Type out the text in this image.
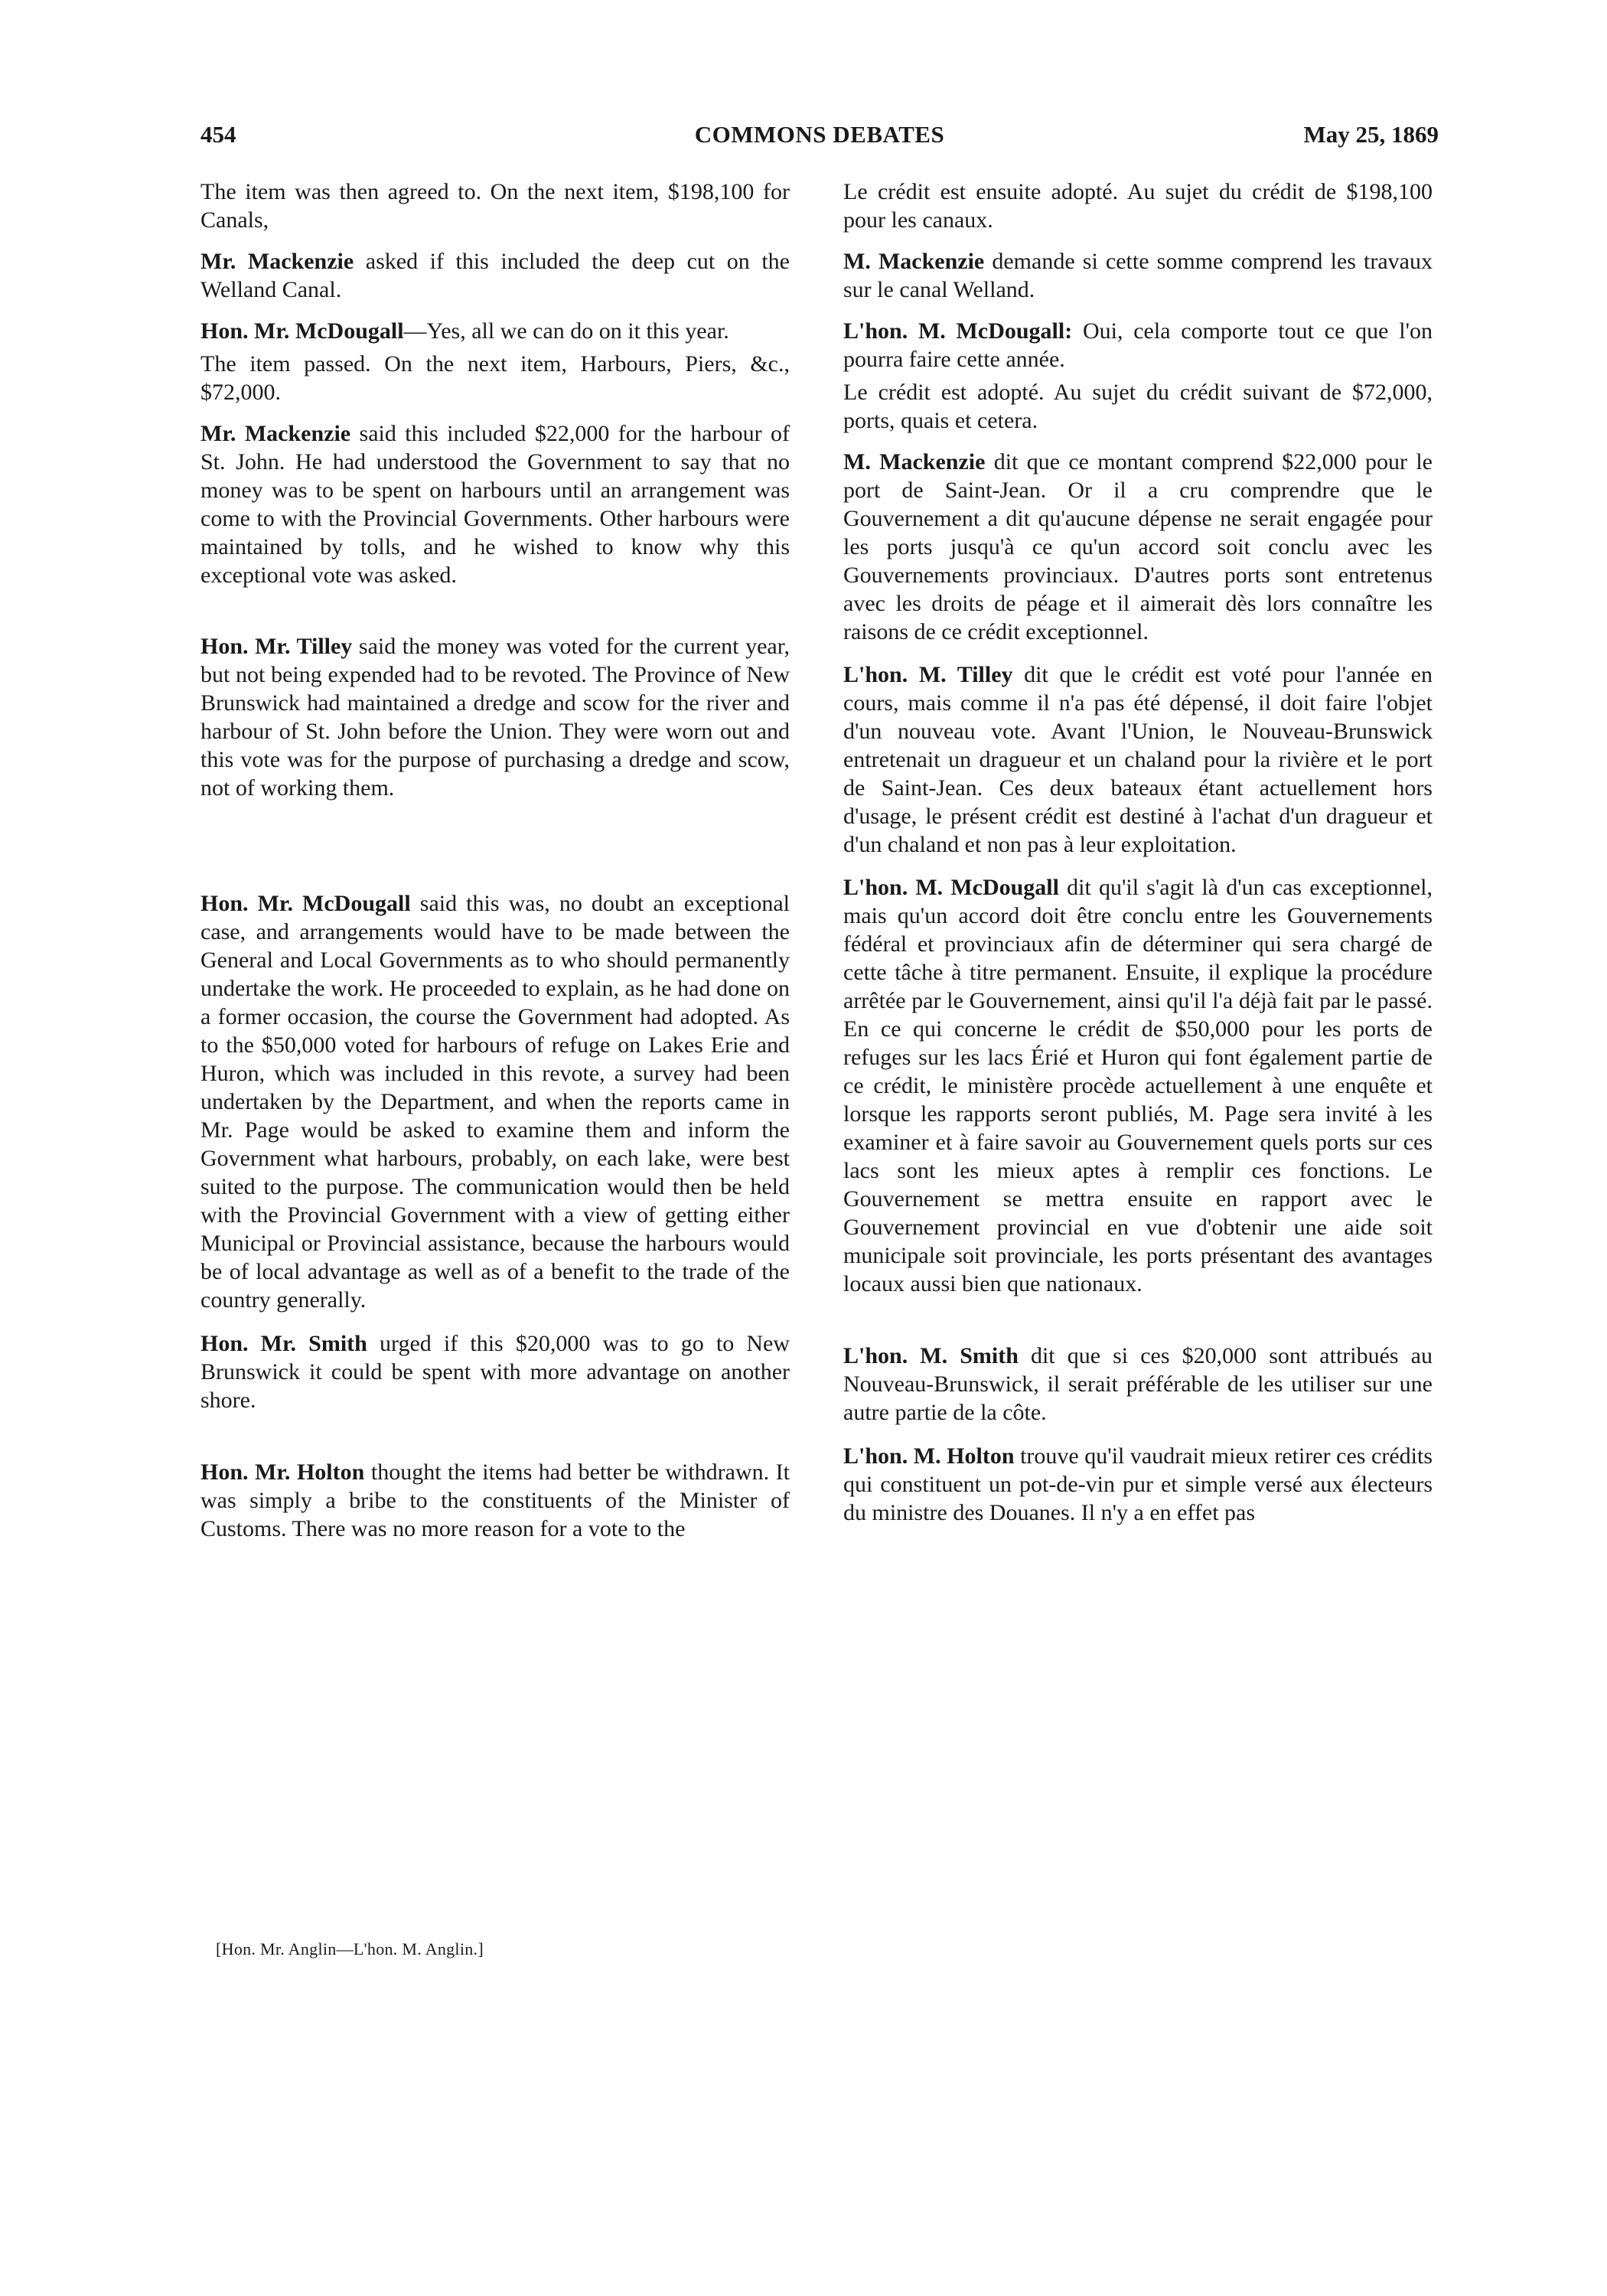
454	COMMONS DEBATES	May 25, 1869

The item was then agreed to. On the next item, $198,100 for Canals,

Mr. Mackenzie asked if this included the deep cut on the Welland Canal.

Hon. Mr. McDougall—Yes, all we can do on it this year.

The item passed. On the next item, Harbours, Piers, &c., $72,000.

Mr. Mackenzie said this included $22,000 for the harbour of St. John. He had understood the Government to say that no money was to be spent on harbours until an arrangement was come to with the Provincial Governments. Other harbours were maintained by tolls, and he wished to know why this exceptional vote was asked.

Hon. Mr. Tilley said the money was voted for the current year, but not being expended had to be revoted. The Province of New Brunswick had maintained a dredge and scow for the river and harbour of St. John before the Union. They were worn out and this vote was for the purpose of purchasing a dredge and scow, not of working them.

Hon. Mr. McDougall said this was, no doubt an exceptional case, and arrangements would have to be made between the General and Local Governments as to who should permanently undertake the work. He proceeded to explain, as he had done on a former occasion, the course the Government had adopted. As to the $50,000 voted for harbours of refuge on Lakes Erie and Huron, which was included in this revote, a survey had been undertaken by the Department, and when the reports came in Mr. Page would be asked to examine them and inform the Government what harbours, probably, on each lake, were best suited to the purpose. The communication would then be held with the Provincial Government with a view of getting either Municipal or Provincial assistance, because the harbours would be of local advantage as well as of a benefit to the trade of the country generally.

Hon. Mr. Smith urged if this $20,000 was to go to New Brunswick it could be spent with more advantage on another shore.

Hon. Mr. Holton thought the items had better be withdrawn. It was simply a bribe to the constituents of the Minister of Customs. There was no more reason for a vote to the

Le crédit est ensuite adopté. Au sujet du crédit de $198,100 pour les canaux.

M. Mackenzie demande si cette somme comprend les travaux sur le canal Welland.

L'hon. M. McDougall: Oui, cela comporte tout ce que l'on pourra faire cette année.

Le crédit est adopté. Au sujet du crédit suivant de $72,000, ports, quais et cetera.

M. Mackenzie dit que ce montant comprend $22,000 pour le port de Saint-Jean. Or il a cru comprendre que le Gouvernement a dit qu'aucune dépense ne serait engagée pour les ports jusqu'à ce qu'un accord soit conclu avec les Gouvernements provinciaux. D'autres ports sont entretenus avec les droits de péage et il aimerait dès lors connaître les raisons de ce crédit exceptionnel.

L'hon. M. Tilley dit que le crédit est voté pour l'année en cours, mais comme il n'a pas été dépensé, il doit faire l'objet d'un nouveau vote. Avant l'Union, le Nouveau-Brunswick entretenait un dragueur et un chaland pour la rivière et le port de Saint-Jean. Ces deux bateaux étant actuellement hors d'usage, le présent crédit est destiné à l'achat d'un dragueur et d'un chaland et non pas à leur exploitation.

L'hon. M. McDougall dit qu'il s'agit là d'un cas exceptionnel, mais qu'un accord doit être conclu entre les Gouvernements fédéral et provinciaux afin de déterminer qui sera chargé de cette tâche à titre permanent. Ensuite, il explique la procédure arrêtée par le Gouvernement, ainsi qu'il l'a déjà fait par le passé. En ce qui concerne le crédit de $50,000 pour les ports de refuges sur les lacs Érié et Huron qui font également partie de ce crédit, le ministère procède actuellement à une enquête et lorsque les rapports seront publiés, M. Page sera invité à les examiner et à faire savoir au Gouvernement quels ports sur ces lacs sont les mieux aptes à remplir ces fonctions. Le Gouvernement se mettra ensuite en rapport avec le Gouvernement provincial en vue d'obtenir une aide soit municipale soit provinciale, les ports présentant des avantages locaux aussi bien que nationaux.

L'hon. M. Smith dit que si ces $20,000 sont attribués au Nouveau-Brunswick, il serait préférable de les utiliser sur une autre partie de la côte.

L'hon. M. Holton trouve qu'il vaudrait mieux retirer ces crédits qui constituent un pot-de-vin pur et simple versé aux électeurs du ministre des Douanes. Il n'y a en effet pas

[Hon. Mr. Anglin—L'hon. M. Anglin.]
